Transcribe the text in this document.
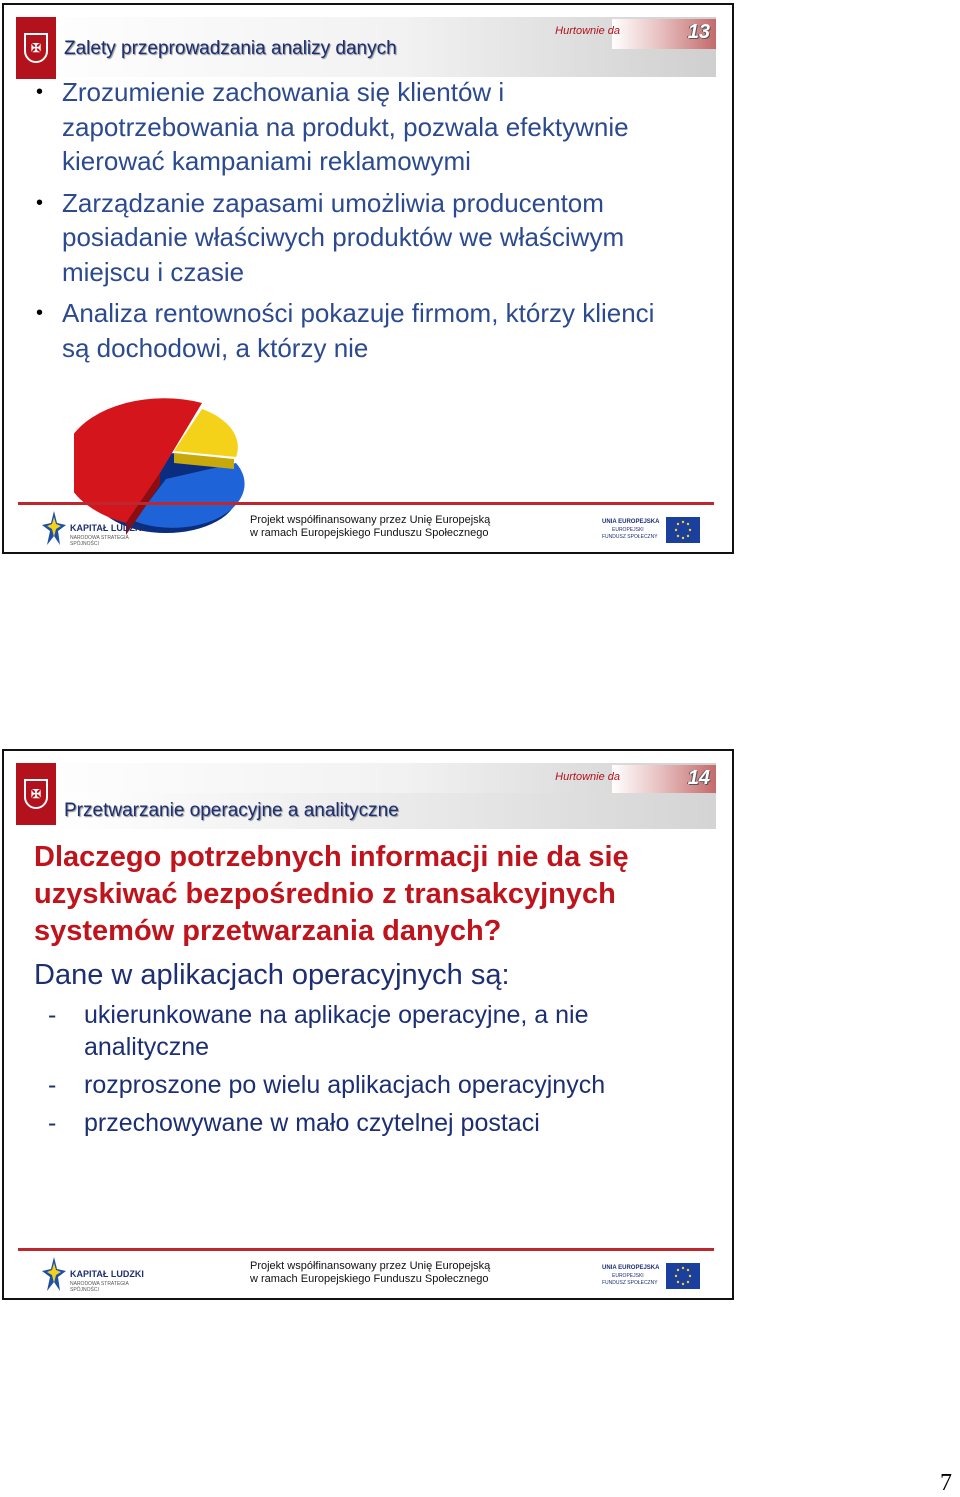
✠
Hurtownie da	13
Zalety przeprowadzania analizy danych
• Zrozumienie zachowania się klientów i
zapotrzebowania na produkt, pozwala efektywnie
kierować kampaniami reklamowymi
• Zarządzanie zapasami umożliwia producentom
posiadanie właściwych produktów we właściwym
miejscu i czasie
• Analiza rentowności pokazuje firmom, którzy klienci
są dochodowi, a którzy nie
KAPITAŁ LUDZKI
NARODOWA STRATEGIA SPÓJNOŚCI
Projekt współfinansowany przez Unię Europejską
w ramach Europejskiego Funduszu Społecznego
UNIA EUROPEJSKA
EUROPEJSKI
FUNDUSZ SPOŁECZNY
✠
Hurtownie da	14
Przetwarzanie operacyjne a analityczne
Dlaczego potrzebnych informacji nie da się
uzyskiwać bezpośrednio z transakcyjnych
systemów przetwarzania danych?
Dane w aplikacjach operacyjnych są:
- ukierunkowane na aplikacje operacyjne, a nie
analityczne
- rozproszone po wielu aplikacjach operacyjnych
- przechowywane w mało czytelnej postaci
KAPITAŁ LUDZKI
NARODOWA STRATEGIA SPÓJNOŚCI
Projekt współfinansowany przez Unię Europejską
w ramach Europejskiego Funduszu Społecznego
UNIA EUROPEJSKA
EUROPEJSKI
FUNDUSZ SPOŁECZNY
7
